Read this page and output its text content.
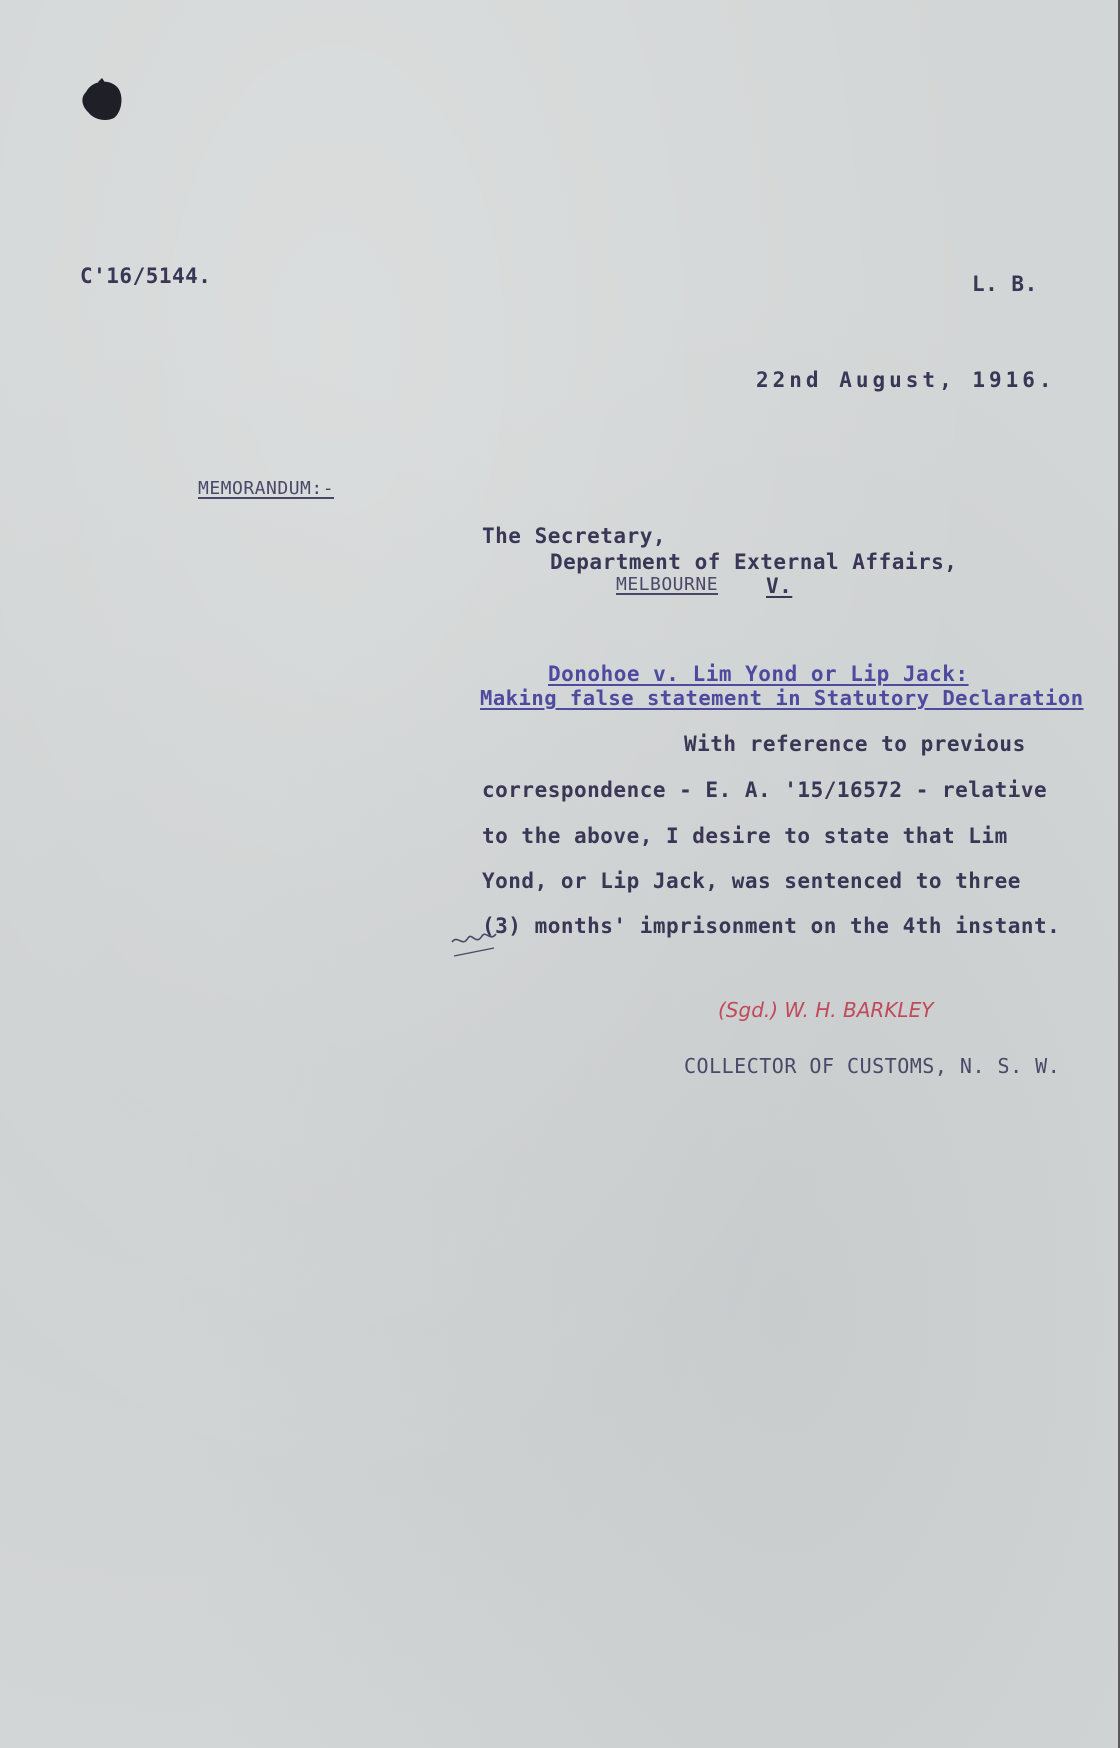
C'16/5144.	L. B.
22nd August, 1916.
MEMORANDUM:-
The Secretary,
Department of External Affairs,
MELBOURNE V.
Donohoe v. Lim Yond or Lip Jack:
Making false statement in Statutory Declaration
With reference to previous
correspondence - E. A. '15/16572 - relative
to the above, I desire to state that Lim
Yond, or Lip Jack, was sentenced to three
(3) months' imprisonment on the 4th instant.
(Sgd.) W. H. BARKLEY
COLLECTOR OF CUSTOMS, N. S. W.
